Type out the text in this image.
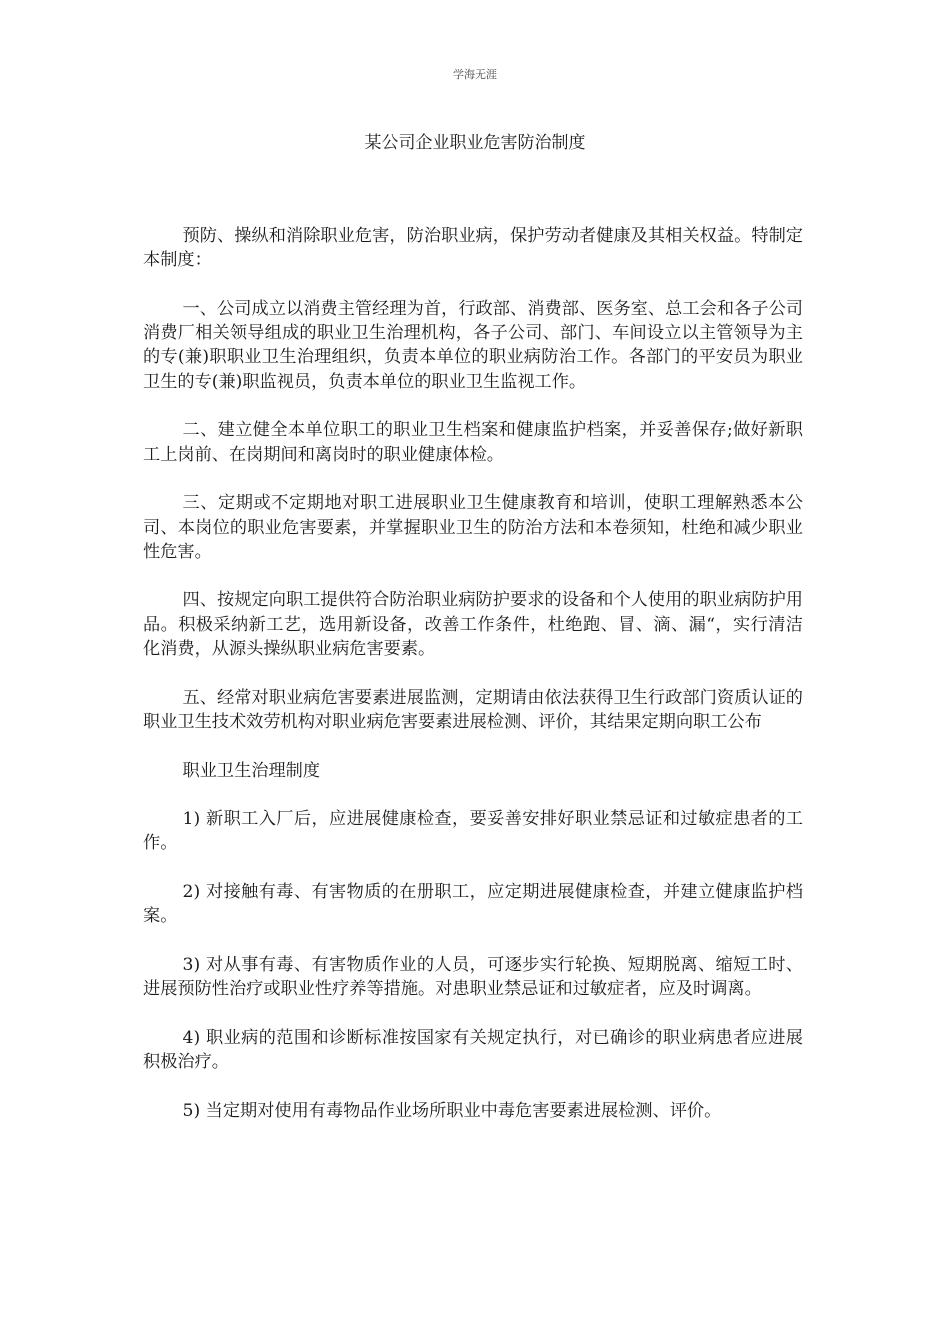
学海无涯
某公司企业职业危害防治制度

预防、操纵和消除职业危害，防治职业病，保护劳动者健康及其相关权益。特制定本制度：

一、公司成立以消费主管经理为首，行政部、消费部、医务室、总工会和各子公司消费厂相关领导组成的职业卫生治理机构，各子公司、部门、车间设立以主管领导为主的专(兼)职职业卫生治理组织，负责本单位的职业病防治工作。各部门的平安员为职业卫生的专(兼)职监视员，负责本单位的职业卫生监视工作。

二、建立健全本单位职工的职业卫生档案和健康监护档案，并妥善保存;做好新职工上岗前、在岗期间和离岗时的职业健康体检。

三、定期或不定期地对职工进展职业卫生健康教育和培训，使职工理解熟悉本公司、本岗位的职业危害要素，并掌握职业卫生的防治方法和本卷须知，杜绝和减少职业性危害。

四、按规定向职工提供符合防治职业病防护要求的设备和个人使用的职业病防护用品。积极采纳新工艺，选用新设备，改善工作条件，杜绝跑、冒、滴、漏“，实行清洁化消费，从源头操纵职业病危害要素。

五、经常对职业病危害要素进展监测，定期请由依法获得卫生行政部门资质认证的职业卫生技术效劳机构对职业病危害要素进展检测、评价，其结果定期向职工公布

职业卫生治理制度

1) 新职工入厂后，应进展健康检查，要妥善安排好职业禁忌证和过敏症患者的工作。

2) 对接触有毒、有害物质的在册职工，应定期进展健康检查，并建立健康监护档案。

3) 对从事有毒、有害物质作业的人员，可逐步实行轮换、短期脱离、缩短工时、进展预防性治疗或职业性疗养等措施。对患职业禁忌证和过敏症者，应及时调离。

4) 职业病的范围和诊断标准按国家有关规定执行，对已确诊的职业病患者应进展积极治疗。

5) 当定期对使用有毒物品作业场所职业中毒危害要素进展检测、评价。
